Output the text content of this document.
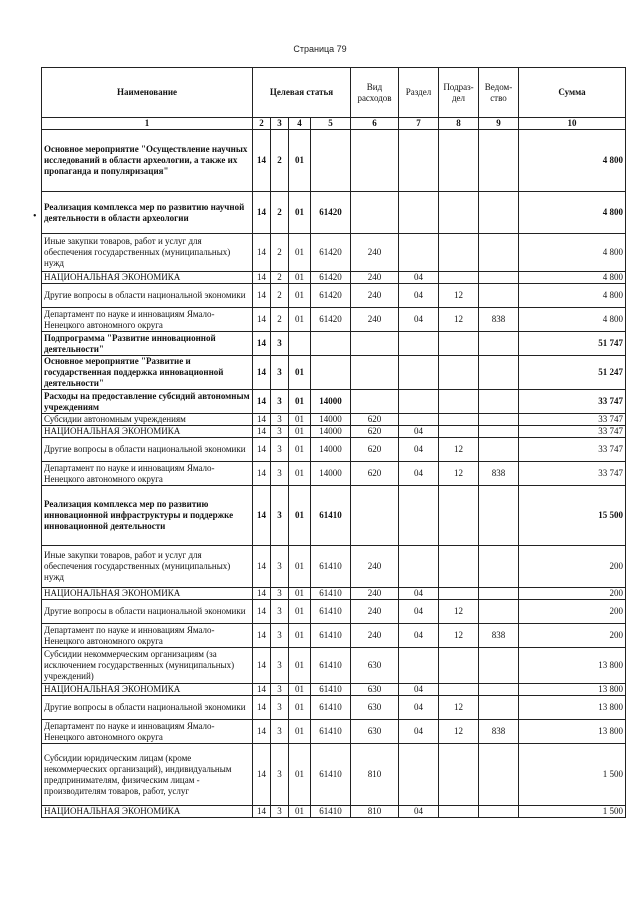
Страница 79
•
Наименование	Целевая статья				Вид расходов	Раздел	Подраз-дел	Ведом-ство	Сумма
1	2	3	4	5	6	7	8	9	10
Основное мероприятие "Осуществление научных исследований в области археологии, а также их пропаганда и популяризация"	14	2	01						4 800
Реализация комплекса мер по развитию научной деятельности в области археологии	14	2	01	61420					4 800
Иные закупки товаров, работ и услуг для обеспечения государственных (муниципальных) нужд	14	2	01	61420	240				4 800
НАЦИОНАЛЬНАЯ ЭКОНОМИКА	14	2	01	61420	240	04			4 800
Другие вопросы в области национальной экономики	14	2	01	61420	240	04	12		4 800
Департамент по науке и инновациям Ямало-Ненецкого автономного округа	14	2	01	61420	240	04	12	838	4 800
Подпрограмма "Развитие инновационной деятельности"	14	3							51 747
Основное мероприятие "Развитие и государственная поддержка инновационной деятельности"	14	3	01						51 247
Расходы на предоставление субсидий автономным учреждениям	14	3	01	14000					33 747
Субсидии автономным учреждениям	14	3	01	14000	620				33 747
НАЦИОНАЛЬНАЯ ЭКОНОМИКА	14	3	01	14000	620	04			33 747
Другие вопросы в области национальной экономики	14	3	01	14000	620	04	12		33 747
Департамент по науке и инновациям Ямало-Ненецкого автономного округа	14	3	01	14000	620	04	12	838	33 747
Реализация комплекса мер по развитию инновационной инфраструктуры и поддержке инновационной деятельности	14	3	01	61410					15 500
Иные закупки товаров, работ и услуг для обеспечения государственных (муниципальных) нужд	14	3	01	61410	240				200
НАЦИОНАЛЬНАЯ ЭКОНОМИКА	14	3	01	61410	240	04			200
Другие вопросы в области национальной экономики	14	3	01	61410	240	04	12		200
Департамент по науке и инновациям Ямало-Ненецкого автономного округа	14	3	01	61410	240	04	12	838	200
Субсидии некоммерческим организациям (за исключением государственных (муниципальных) учреждений)	14	3	01	61410	630				13 800
НАЦИОНАЛЬНАЯ ЭКОНОМИКА	14	3	01	61410	630	04			13 800
Другие вопросы в области национальной экономики	14	3	01	61410	630	04	12		13 800
Департамент по науке и инновациям Ямало-Ненецкого автономного округа	14	3	01	61410	630	04	12	838	13 800
Субсидии юридическим лицам (кроме некоммерческих организаций), индивидуальным предпринимателям, физическим лицам - производителям товаров, работ, услуг	14	3	01	61410	810				1 500
НАЦИОНАЛЬНАЯ ЭКОНОМИКА	14	3	01	61410	810	04			1 500
